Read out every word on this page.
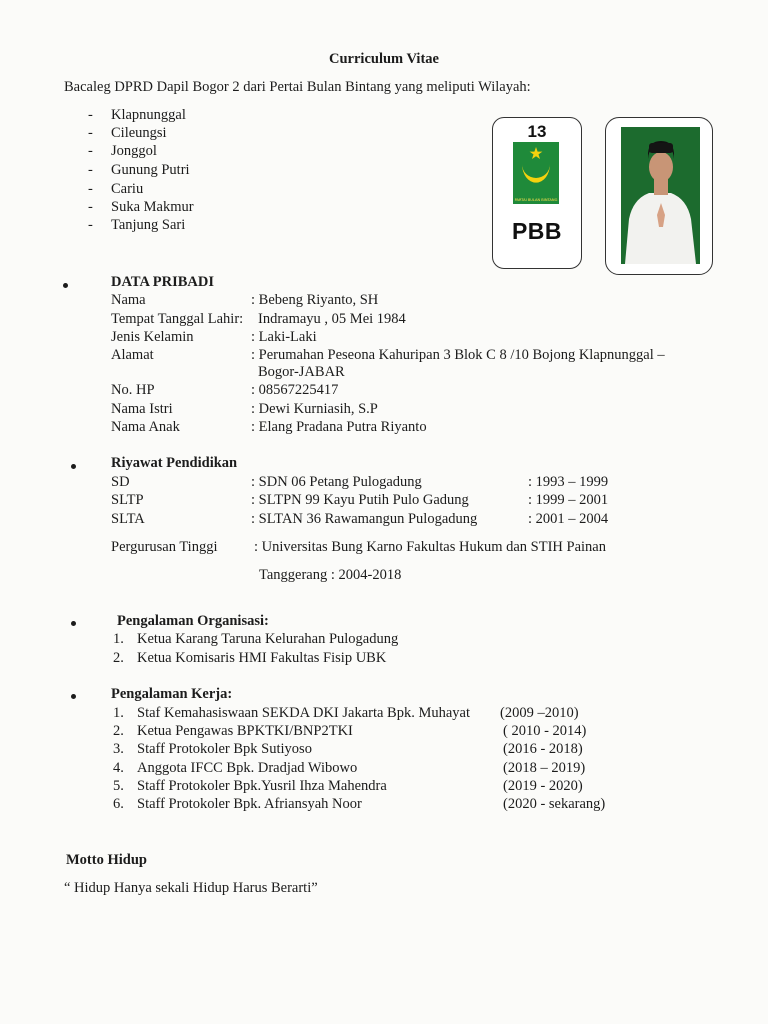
Curriculum Vitae
Bacaleg DPRD Dapil Bogor 2 dari Pertai Bulan Bintang yang meliputi Wilayah:
- Klapnunggal
- Cileungsi
- Jonggol
- Gunung Putri
- Cariu
- Suka Makmur
- Tanjung Sari
13
PARTAI BULAN BINTANG
PBB
DATA PRIBADI
Nama	: Bebeng Riyanto, SH
Tempat Tanggal Lahir: Indramayu , 05 Mei 1984
Jenis Kelamin	: Laki-Laki
Alamat	: Perumahan Peseona Kahuripan 3 Blok C 8 /10 Bojong Klapnunggal –
Bogor-JABAR
No. HP	: 08567225417
Nama Istri	: Dewi Kurniasih, S.P
Nama Anak	: Elang Pradana Putra Riyanto
Riyawat Pendidikan
SD	: SDN 06 Petang Pulogadung	: 1993 – 1999
SLTP	: SLTPN 99 Kayu Putih Pulo Gadung	: 1999 – 2001
SLTA	: SLTAN 36 Rawamangun Pulogadung	: 2001 – 2004
Pergurusan Tinggi	: Universitas Bung Karno Fakultas Hukum dan STIH Painan
Tanggerang : 2004-2018
Pengalaman Organisasi:
1. Ketua Karang Taruna Kelurahan Pulogadung
2. Ketua Komisaris HMI Fakultas Fisip UBK
Pengalaman Kerja:
1. Staf Kemahasiswaan SEKDA DKI Jakarta Bpk. Muhayat (2009 –2010)
2. Ketua Pengawas BPKTKI/BNP2TKI	( 2010 - 2014)
3. Staff Protokoler Bpk Sutiyoso	(2016 - 2018)
4. Anggota IFCC Bpk. Dradjad Wibowo	(2018 – 2019)
5. Staff Protokoler Bpk.Yusril Ihza Mahendra	(2019 - 2020)
6. Staff Protokoler Bpk. Afriansyah Noor	(2020 - sekarang)
Motto Hidup
“ Hidup Hanya sekali Hidup Harus Berarti”
